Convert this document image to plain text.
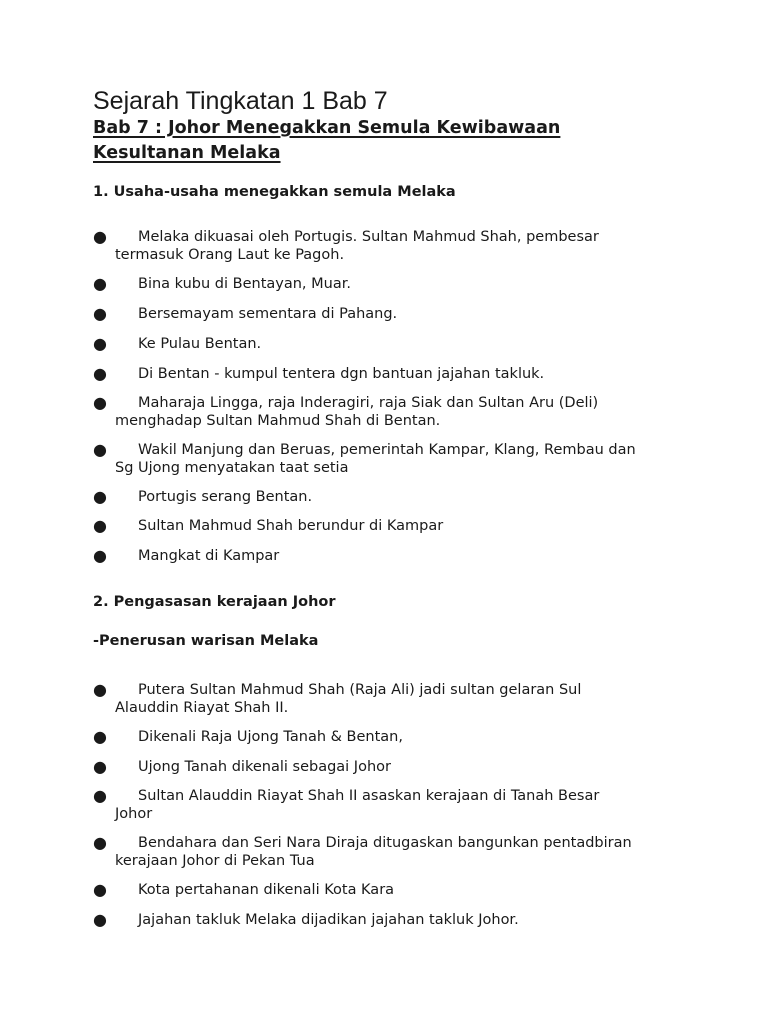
Sejarah Tingkatan 1 Bab 7
Bab 7 : Johor Menegakkan Semula Kewibawaan
Kesultanan Melaka
1. Usaha-usaha menegakkan semula Melaka
●	Melaka dikuasai oleh Portugis. Sultan Mahmud Shah, pembesar
termasuk Orang Laut ke Pagoh.
●	Bina kubu di Bentayan, Muar.
●	Bersemayam sementara di Pahang.
●	Ke Pulau Bentan.
●	Di Bentan - kumpul tentera dgn bantuan jajahan takluk.
●	Maharaja Lingga, raja Inderagiri, raja Siak dan Sultan Aru (Deli)
menghadap Sultan Mahmud Shah di Bentan.
●	Wakil Manjung dan Beruas, pemerintah Kampar, Klang, Rembau dan
Sg Ujong menyatakan taat setia
●	Portugis serang Bentan.
●	Sultan Mahmud Shah berundur di Kampar
●	Mangkat di Kampar
2. Pengasasan kerajaan Johor
-Penerusan warisan Melaka
●	Putera Sultan Mahmud Shah (Raja Ali) jadi sultan gelaran Sul
Alauddin Riayat Shah II.
●	Dikenali Raja Ujong Tanah & Bentan,
●	Ujong Tanah dikenali sebagai Johor
●	Sultan Alauddin Riayat Shah II asaskan kerajaan di Tanah Besar
Johor
●	Bendahara dan Seri Nara Diraja ditugaskan bangunkan pentadbiran
kerajaan Johor di Pekan Tua
●	Kota pertahanan dikenali Kota Kara
●	Jajahan takluk Melaka dijadikan jajahan takluk Johor.
